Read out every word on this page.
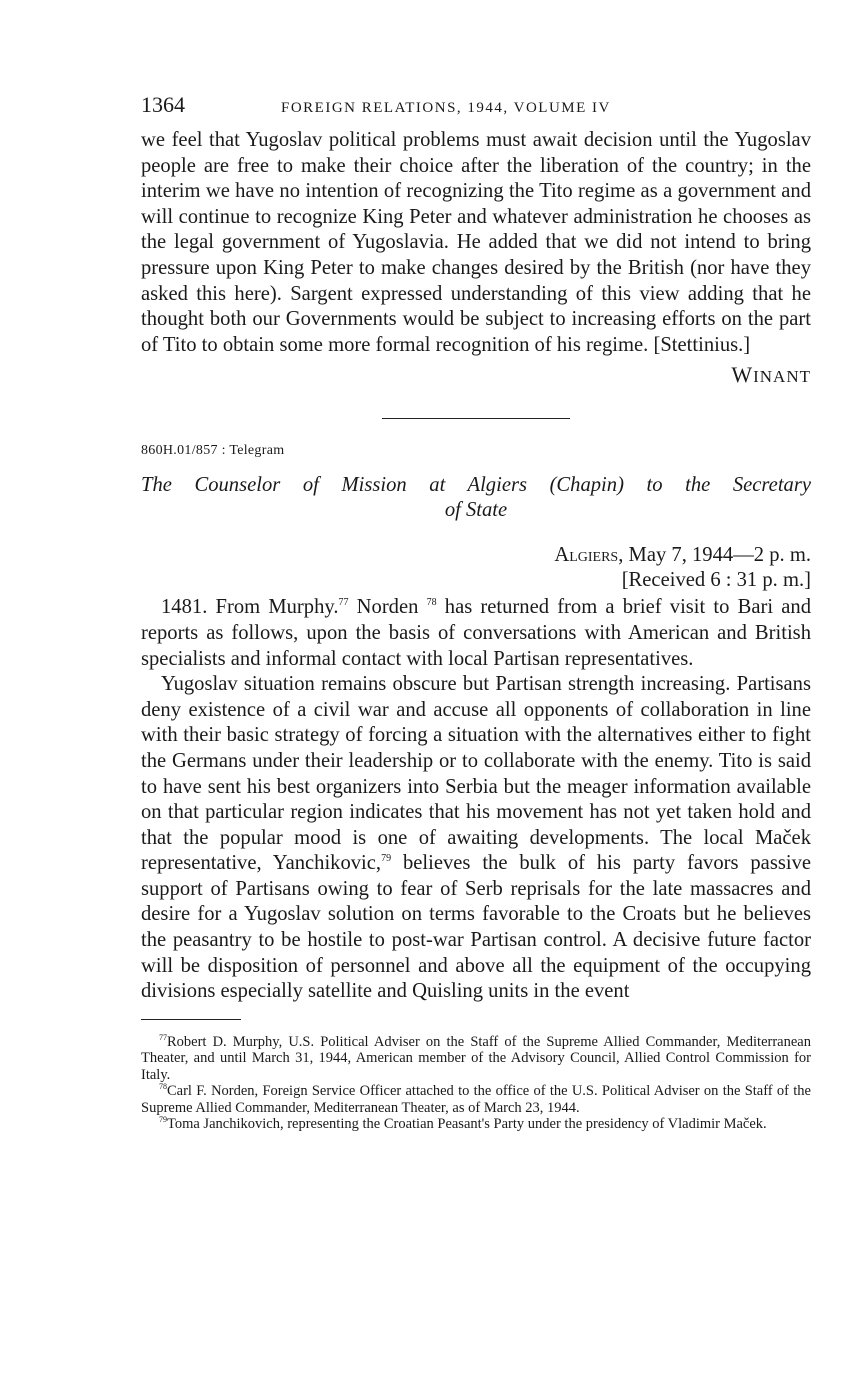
1364	FOREIGN RELATIONS, 1944, VOLUME IV

we feel that Yugoslav political problems must await decision until the Yugoslav people are free to make their choice after the liberation of the country; in the interim we have no intention of recognizing the Tito regime as a government and will continue to recognize King Peter and whatever administration he chooses as the legal government of Yugoslavia. He added that we did not intend to bring pressure upon King Peter to make changes desired by the British (nor have they asked this here). Sargent expressed understanding of this view adding that he thought both our Governments would be subject to increasing efforts on the part of Tito to obtain some more formal recognition of his regime. [Stettinius.]

WINANT

860H.01/857 : Telegram

The Counselor of Mission at Algiers (Chapin) to the Secretary
of State
Algiers, May 7, 1944—2 p. m.
[Received 6 : 31 p. m.]

1481. From Murphy.$^{77}$ Norden $^{78}$ has returned from a brief visit to Bari and reports as follows, upon the basis of conversations with American and British specialists and informal contact with local Partisan representatives.

Yugoslav situation remains obscure but Partisan strength increasing. Partisans deny existence of a civil war and accuse all opponents of collaboration in line with their basic strategy of forcing a situation with the alternatives either to fight the Germans under their leadership or to collaborate with the enemy. Tito is said to have sent his best organizers into Serbia but the meager information available on that particular region indicates that his movement has not yet taken hold and that the popular mood is one of awaiting developments. The local Maček representative, Yanchikovic,$^{79}$ believes the bulk of his party favors passive support of Partisans owing to fear of Serb reprisals for the late massacres and desire for a Yugoslav solution on terms favorable to the Croats but he believes the peasantry to be hostile to post-war Partisan control. A decisive future factor will be disposition of personnel and above all the equipment of the occupying divisions especially satellite and Quisling units in the event

$^{77}$Robert D. Murphy, U.S. Political Adviser on the Staff of the Supreme Allied Commander, Mediterranean Theater, and until March 31, 1944, American member of the Advisory Council, Allied Control Commission for Italy.

$^{78}$Carl F. Norden, Foreign Service Officer attached to the office of the U.S. Political Adviser on the Staff of the Supreme Allied Commander, Mediterranean Theater, as of March 23, 1944.

$^{79}$Toma Janchikovich, representing the Croatian Peasant's Party under the presidency of Vladimir Maček.
